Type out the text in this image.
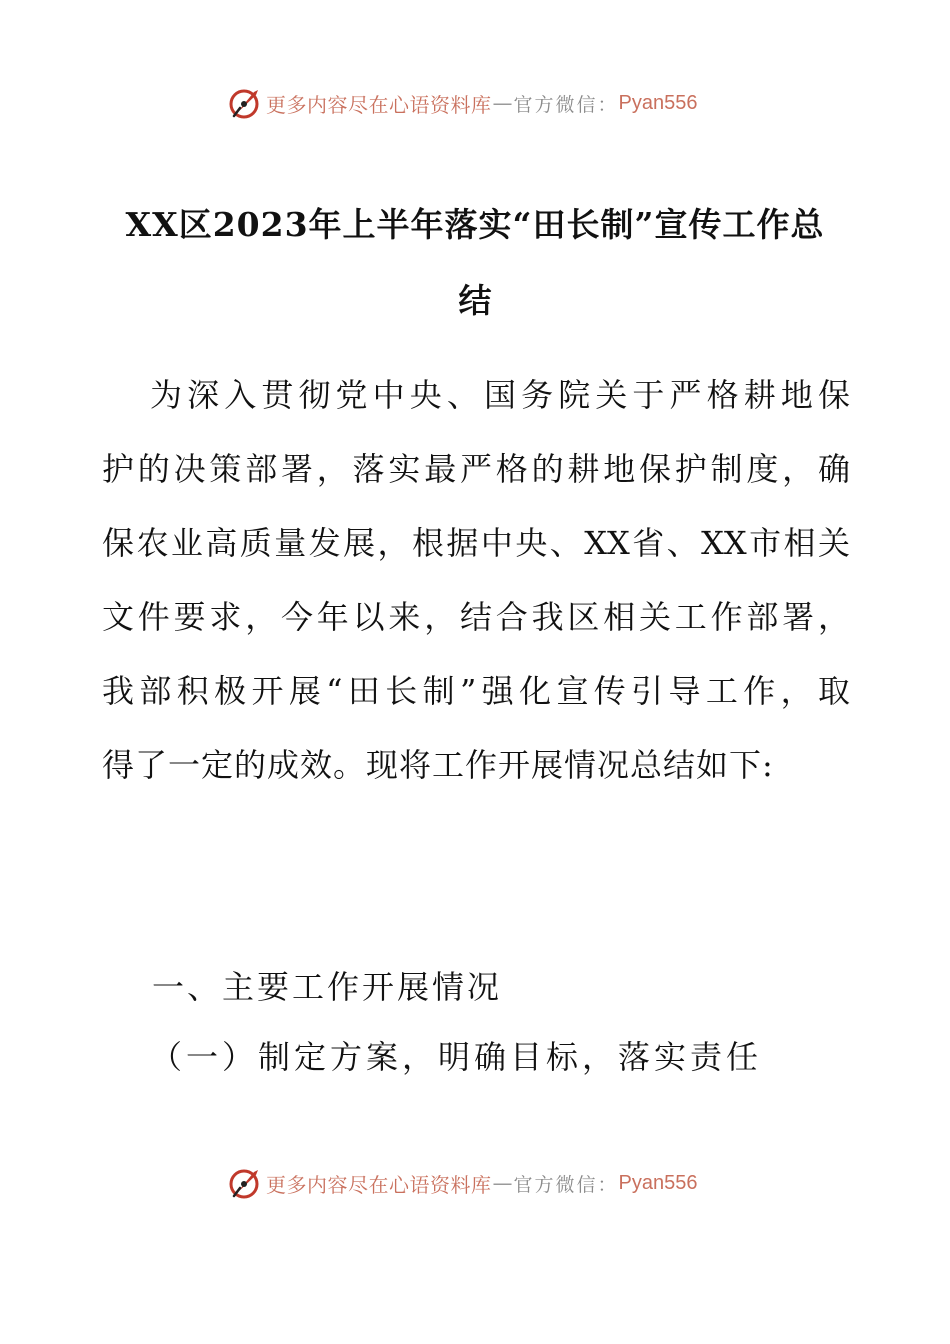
更多内容尽在心语资料库 — 官方微信： Pyan556
XX区2023年上半年落实“田长制”宣传工作总
结
为深入贯彻党中央、国务院关于严格耕地保
护的决策部署，落实最严格的耕地保护制度，确
保农业高质量发展，根据中央、XX省、XX市相关
文件要求，今年以来，结合我区相关工作部署，
我部积极开展“田长制”强化宣传引导工作，取
得了一定的成效。现将工作开展情况总结如下:
一、主要工作开展情况
（一）制定方案，明确目标，落实责任
更多内容尽在心语资料库 — 官方微信： Pyan556
